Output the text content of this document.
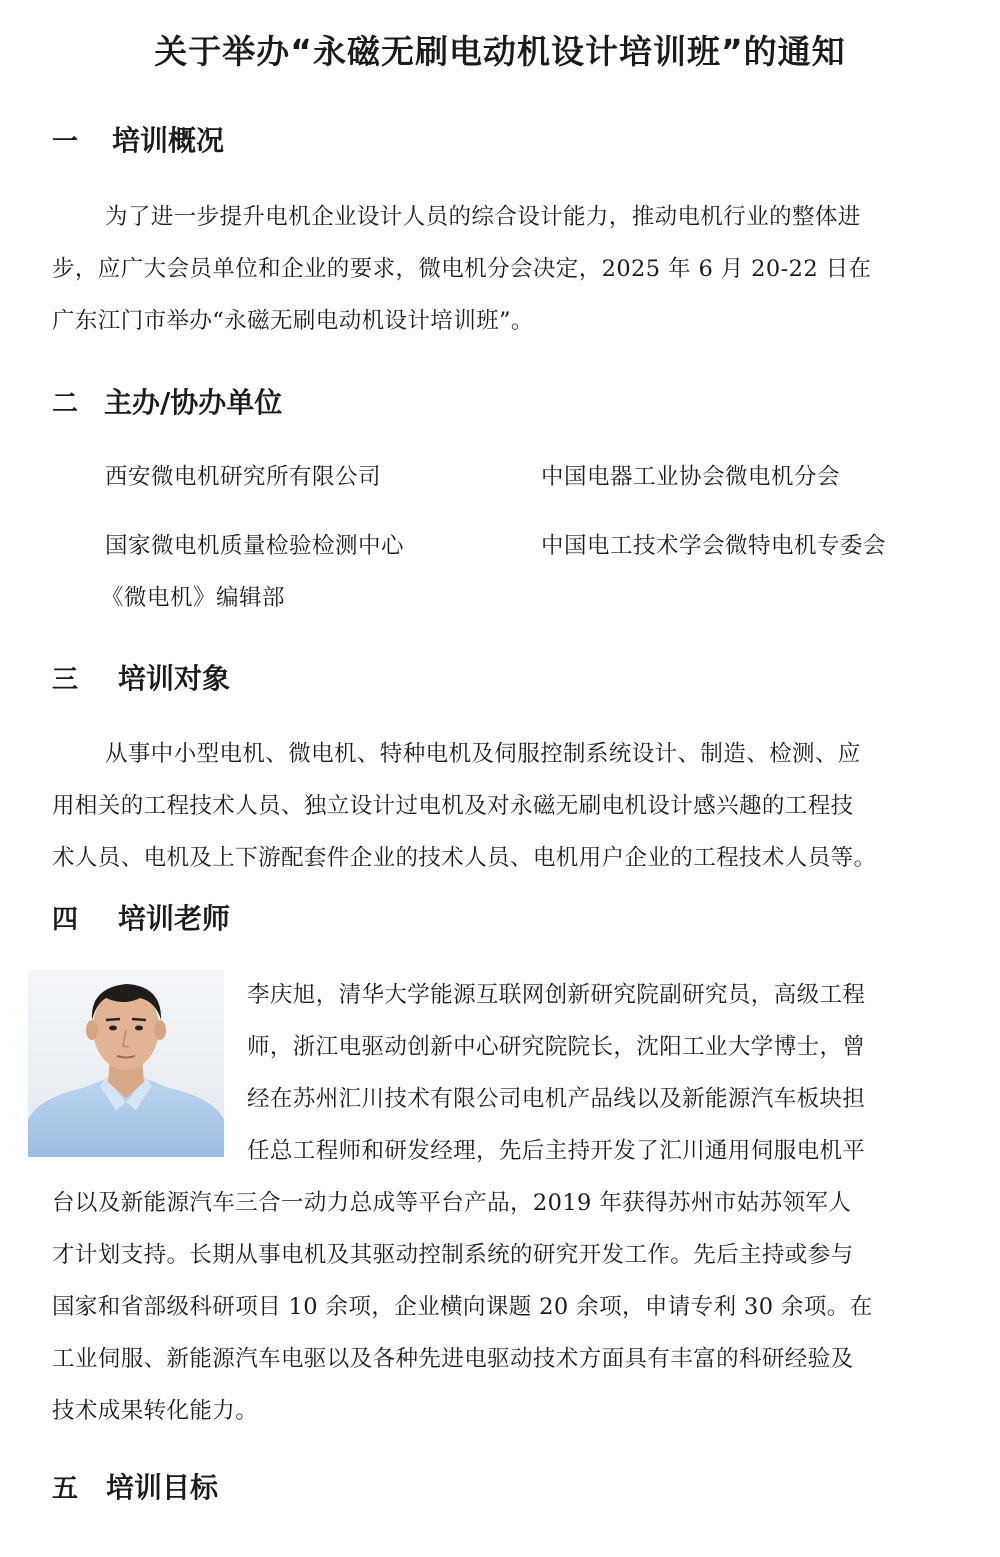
关于举办“永磁无刷电动机设计培训班”的通知
一 培训概况
为了进一步提升电机企业设计人员的综合设计能力，推动电机行业的整体进
步，应广大会员单位和企业的要求，微电机分会决定，2025 年 6 月 20-22 日在
广东江门市举办“永磁无刷电动机设计培训班”。
二 主办/协办单位
西安微电机研究所有限公司	中国电器工业协会微电机分会
国家微电机质量检验检测中心	中国电工技术学会微特电机专委会
《微电机》编辑部
三 培训对象
从事中小型电机、微电机、特种电机及伺服控制系统设计、制造、检测、应
用相关的工程技术人员、独立设计过电机及对永磁无刷电机设计感兴趣的工程技
术人员、电机及上下游配套件企业的技术人员、电机用户企业的工程技术人员等。
四 培训老师
李庆旭，清华大学能源互联网创新研究院副研究员，高级工程
师，浙江电驱动创新中心研究院院长，沈阳工业大学博士，曾
经在苏州汇川技术有限公司电机产品线以及新能源汽车板块担
任总工程师和研发经理，先后主持开发了汇川通用伺服电机平
台以及新能源汽车三合一动力总成等平台产品，2019 年获得苏州市姑苏领军人
才计划支持。长期从事电机及其驱动控制系统的研究开发工作。先后主持或参与
国家和省部级科研项目 10 余项，企业横向课题 20 余项，申请专利 30 余项。在
工业伺服、新能源汽车电驱以及各种先进电驱动技术方面具有丰富的科研经验及
技术成果转化能力。
五 培训目标
